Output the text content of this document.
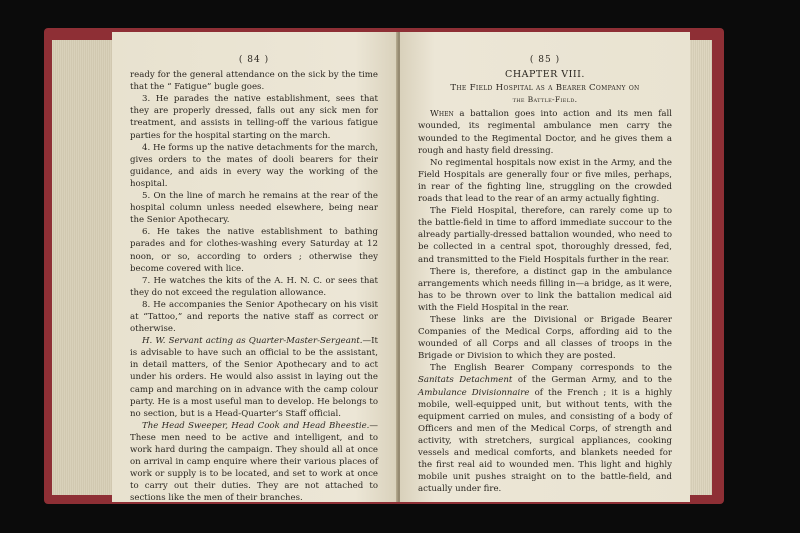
( 84 )

ready for the general attendance on the sick by the time that the “ Fatigue” bugle goes.

3. He parades the native establishment, sees that they are properly dressed, falls out any sick men for treatment, and assists in telling-off the various fatigue parties for the hospital starting on the march.

4. He forms up the native detachments for the march, gives orders to the mates of dooli bearers for their guidance, and aids in every way the working of the hospital.

5. On the line of march he remains at the rear of the hospital column unless needed elsewhere, being near the Senior Apothecary.

6. He takes the native establishment to bathing parades and for clothes-washing every Saturday at 12 noon, or so, according to orders ; otherwise they become covered with lice.

7. He watches the kits of the A. H. N. C. or sees that they do not exceed the regulation allowance.

8. He accompanies the Senior Apothecary on his visit at “Tattoo,” and reports the native staff as correct or otherwise.

H. W. Servant acting as Quarter-Master-Sergeant.—It is advisable to have such an official to be the assistant, in detail matters, of the Senior Apothecary and to act under his orders. He would also assist in laying out the camp and marching on in advance with the camp colour party. He is a most useful man to develop. He belongs to no section, but is a Head-Quarter’s Staff official.

The Head Sweeper, Head Cook and Head Bheestie.— These men need to be active and intelligent, and to work hard during the campaign. They should all at once on arrival in camp enquire where their various places of work or supply is to be located, and set to work at once to carry out their duties. They are not attached to sections like the men of their branches.

( 85 )
CHAPTER VIII.
The Field Hospital as a Bearer Company on
the Battle-Field.

When a battalion goes into action and its men fall wounded, its regimental ambulance men carry the wounded to the Regimental Doctor, and he gives them a rough and hasty field dressing.

No regimental hospitals now exist in the Army, and the Field Hospitals are generally four or five miles, perhaps, in rear of the fighting line, struggling on the crowded roads that lead to the rear of an army actually fighting.

The Field Hospital, therefore, can rarely come up to the battle-field in time to afford immediate succour to the already partially-dressed battalion wounded, who need to be collected in a central spot, thoroughly dressed, fed, and transmitted to the Field Hospitals further in the rear.

There is, therefore, a distinct gap in the ambulance arrangements which needs filling in—a bridge, as it were, has to be thrown over to link the battalion medical aid with the Field Hospital in the rear.

These links are the Divisional or Brigade Bearer Companies of the Medical Corps, affording aid to the wounded of all Corps and all classes of troops in the Brigade or Division to which they are posted.

The English Bearer Company corresponds to the Sanitats Detachment of the German Army, and to the Ambulance Divisionnaire of the French ; it is a highly mobile, well-equipped unit, but without tents, with the equipment carried on mules, and consisting of a body of Officers and men of the Medical Corps, of strength and activity, with stretchers, surgical appliances, cooking vessels and medical comforts, and blankets needed for the first real aid to wounded men. This light and highly mobile unit pushes straight on to the battle-field, and actually under fire.
